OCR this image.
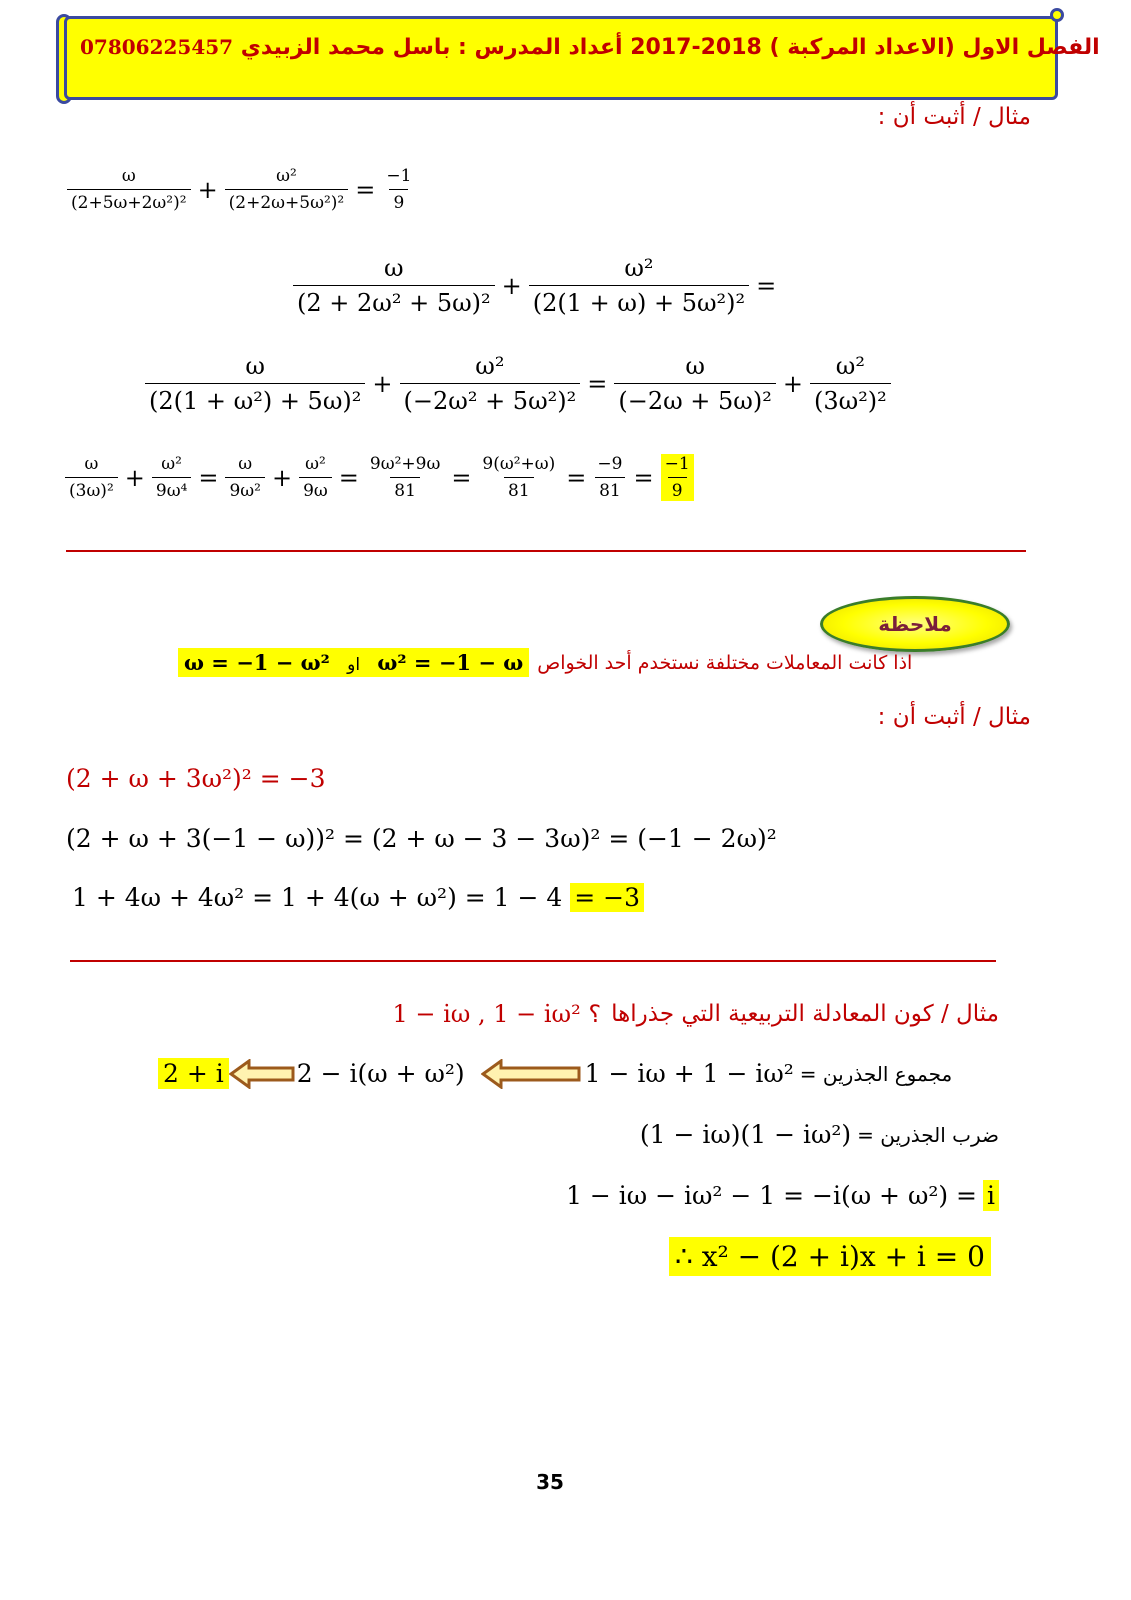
07806225457 الفصل الاول (الاعداد المركبة ) 2018-2017 أعداد المدرس : باسل محمد الزبيدي
مثال / أثبت أن :
$\frac{\omega}{\text{(2+5ω+2ω²)²}} + \frac{\text{ω²}}{\text{(2+2ω+5ω²)²}} = \frac{-1}{9}$
$\frac{\omega}{\text{(2 + 2ω² + 5ω)²}} + \frac{\text{ω²}}{\text{(2(1 + ω) + 5ω²)²}}$ =
$\frac{\omega}{\text{(2(1 + ω²) + 5ω)²}} + \frac{\text{ω²}}{\text{(−2ω² + 5ω²)²}} = \frac{\omega}{\text{(−2ω + 5ω)²}} + \frac{\text{ω²}}{\text{(3ω²)²}}$
$\frac{\omega}{\text{(3ω)²}} + \frac{\text{ω²}}{\text{9ω⁴}} = \frac{\omega}{\text{9ω²}} + \frac{\text{ω²}}{9\omega} = \frac{\text{9ω²+9ω}}{81} = \frac{\text{9(ω²+ω)}}{81} = \frac{-9}{81} = \frac{-1}{9}$
ملاحظة
ω = −1 − ω² او ω² = −1 − ω اذا كانت المعاملات مختلفة نستخدم أحد الخواص
مثال / أثبت أن :
(2 + ω + 3ω²)² = −3
(2 + ω + 3(−1 − ω))² = (2 + ω − 3 − 3ω)² = (−1 − 2ω)²
1 + 4ω + 4ω² = 1 + 4(ω + ω²) = 1 − 4 = −3
1 − iω , 1 − iω² ؟ مثال / كون المعادلة التربيعية التي جذراها
2 + i	2 − i(ω + ω²)	1 − iω + 1 − iω² مجموع الجذرين =
(1 − iω)(1 − iω²) ضرب الجذرين =
1 − iω − iω² − 1 = −i(ω + ω²) = i
∴ x² − (2 + i)x + i = 0
35
